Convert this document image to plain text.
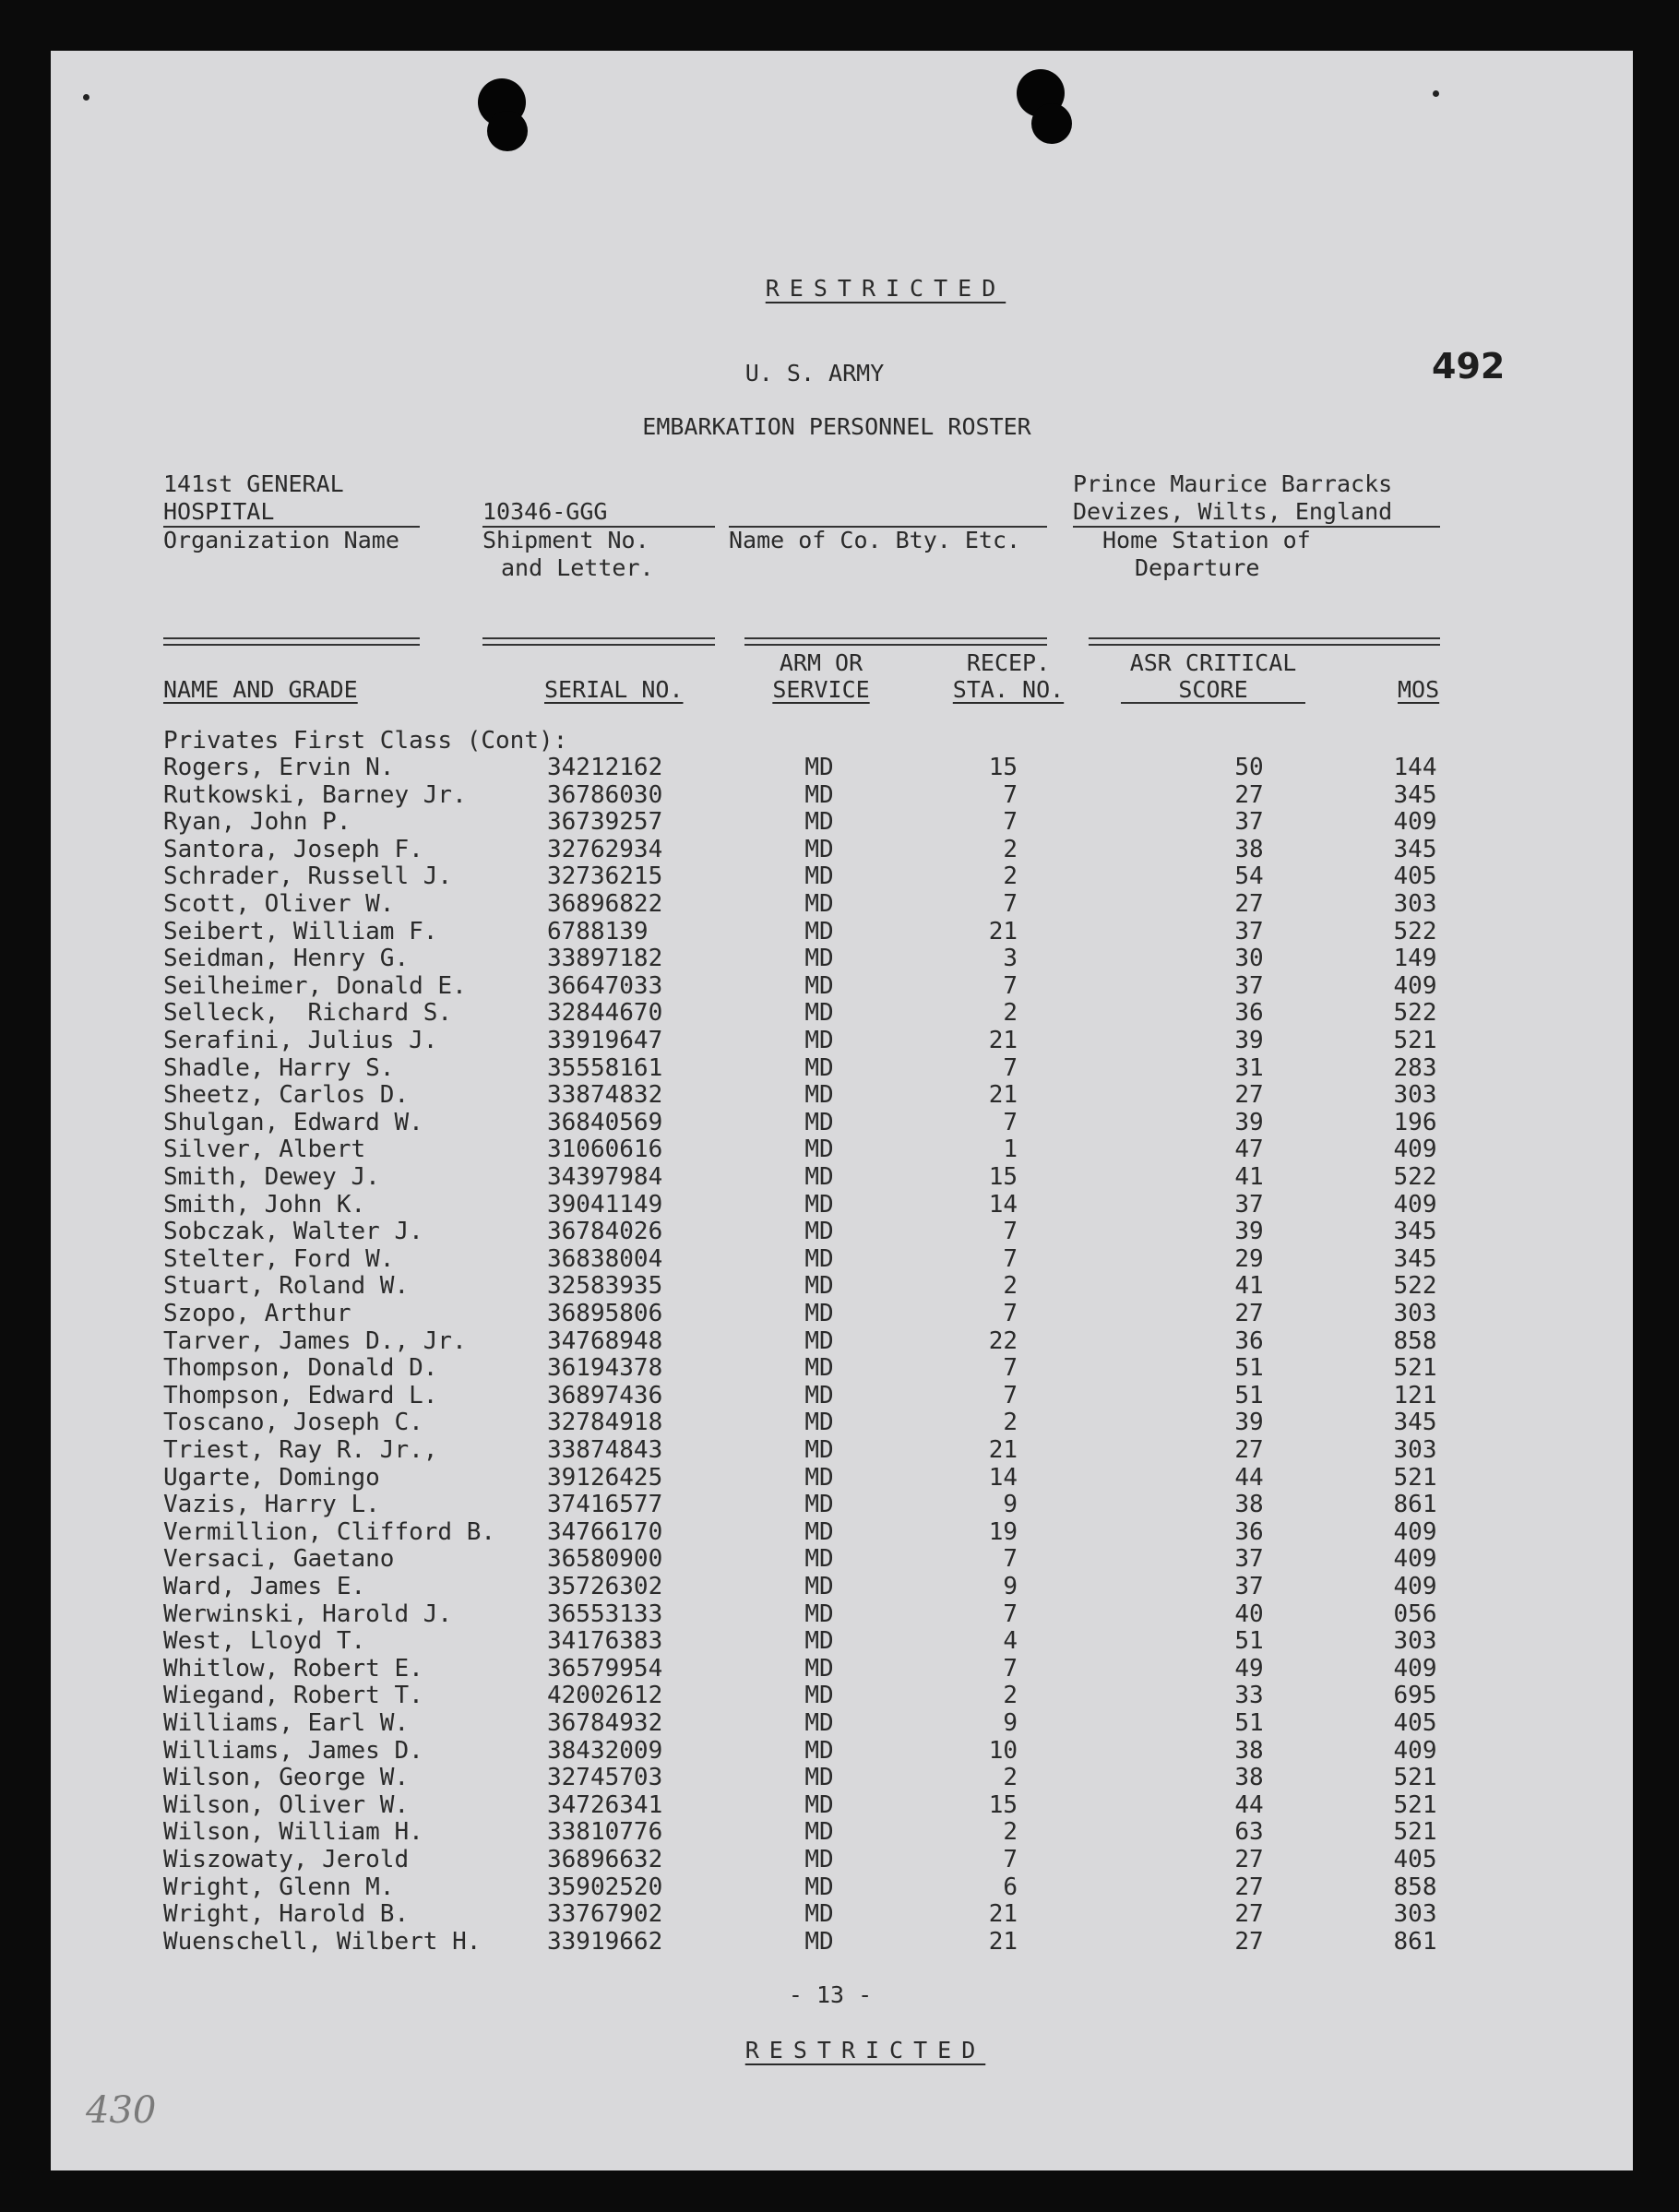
RESTRICTED
492
U. S. ARMY
EMBARKATION PERSONNEL ROSTER
141st GENERAL
HOSPITAL
Organization Name
10346-GGG
Shipment No.
and Letter.
Name of Co. Bty. Etc.
Prince Maurice Barracks
Devizes, Wilts, England
Home Station of
Departure
NAME AND GRADE	SERIAL NO.
ARM OR
SERVICE
RECEP.
STA. NO.
ASR CRITICAL
SCORE	MOS
Privates First Class (Cont):
Rogers, Ervin N.	34212162	MD	15	50	144
Rutkowski, Barney Jr.	36786030	MD	7	27	345
Ryan, John P.	36739257	MD	7	37	409
Santora, Joseph F.	32762934	MD	2	38	345
Schrader, Russell J.	32736215	MD	2	54	405
Scott, Oliver W.	36896822	MD	7	27	303
Seibert, William F.	6788139	MD	21	37	522
Seidman, Henry G.	33897182	MD	3	30	149
Seilheimer, Donald E.	36647033	MD	7	37	409
Selleck,  Richard S.	32844670	MD	2	36	522
Serafini, Julius J.	33919647	MD	21	39	521
Shadle, Harry S.	35558161	MD	7	31	283
Sheetz, Carlos D.	33874832	MD	21	27	303
Shulgan, Edward W.	36840569	MD	7	39	196
Silver, Albert	31060616	MD	1	47	409
Smith, Dewey J.	34397984	MD	15	41	522
Smith, John K.	39041149	MD	14	37	409
Sobczak, Walter J.	36784026	MD	7	39	345
Stelter, Ford W.	36838004	MD	7	29	345
Stuart, Roland W.	32583935	MD	2	41	522
Szopo, Arthur	36895806	MD	7	27	303
Tarver, James D., Jr.	34768948	MD	22	36	858
Thompson, Donald D.	36194378	MD	7	51	521
Thompson, Edward L.	36897436	MD	7	51	121
Toscano, Joseph C.	32784918	MD	2	39	345
Triest, Ray R. Jr.,	33874843	MD	21	27	303
Ugarte, Domingo	39126425	MD	14	44	521
Vazis, Harry L.	37416577	MD	9	38	861
Vermillion, Clifford B. 34766170	MD	19	36	409
Versaci, Gaetano	36580900	MD	7	37	409
Ward, James E.	35726302	MD	9	37	409
Werwinski, Harold J.	36553133	MD	7	40	056
West, Lloyd T.	34176383	MD	4	51	303
Whitlow, Robert E.	36579954	MD	7	49	409
Wiegand, Robert T.	42002612	MD	2	33	695
Williams, Earl W.	36784932	MD	9	51	405
Williams, James D.	38432009	MD	10	38	409
Wilson, George W.	32745703	MD	2	38	521
Wilson, Oliver W.	34726341	MD	15	44	521
Wilson, William H.	33810776	MD	2	63	521
Wiszowaty, Jerold	36896632	MD	7	27	405
Wright, Glenn M.	35902520	MD	6	27	858
Wright, Harold B.	33767902	MD	21	27	303
Wuenschell, Wilbert H.	33919662	MD	21	27	861
- 13 -
RESTRICTED
430
